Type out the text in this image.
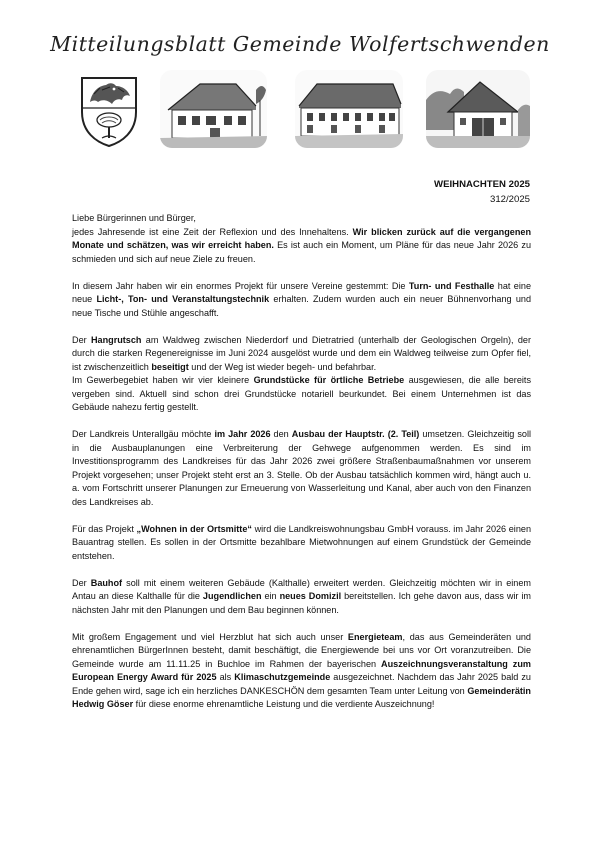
Mitteilungsblatt Gemeinde Wolfertschwenden
WEIHNACHTEN 2025
312/2025

Liebe Bürgerinnen und Bürger,

jedes Jahresende ist eine Zeit der Reflexion und des Innehaltens. Wir blicken zurück auf die vergangenen Monate und schätzen, was wir erreicht haben. Es ist auch ein Moment, um Pläne für das neue Jahr 2026 zu schmieden und sich auf neue Ziele zu freuen.

In diesem Jahr haben wir ein enormes Projekt für unsere Vereine gestemmt: Die Turn- und Festhalle hat eine neue Licht-, Ton- und Veranstaltungstechnik erhalten. Zudem wurden auch ein neuer Bühnenvorhang und neue Tische und Stühle angeschafft.

Der Hangrutsch am Waldweg zwischen Niederdorf und Dietratried (unterhalb der Geologischen Orgeln), der durch die starken Regenereignisse im Juni 2024 ausgelöst wurde und dem ein Waldweg teilweise zum Opfer fiel, ist zwischenzeitlich beseitigt und der Weg ist wieder begeh- und befahrbar.

Im Gewerbegebiet haben wir vier kleinere Grundstücke für örtliche Betriebe ausgewiesen, die alle bereits vergeben sind. Aktuell sind schon drei Grundstücke notariell beurkundet. Bei einem Unternehmen ist das Gebäude nahezu fertig gestellt.

Der Landkreis Unterallgäu möchte im Jahr 2026 den Ausbau der Hauptstr. (2. Teil) umsetzen. Gleichzeitig soll in die Ausbauplanungen eine Verbreiterung der Gehwege aufgenommen werden. Es sind im Investitionsprogramm des Landkreises für das Jahr 2026 zwei größere Straßenbaumaßnahmen vor unserem Projekt vorgesehen; unser Projekt steht erst an 3. Stelle. Ob der Ausbau tatsächlich kommen wird, hängt auch u. a. vom Fortschritt unserer Planungen zur Erneuerung von Wasserleitung und Kanal, aber auch von den Finanzen des Landkreises ab.

Für das Projekt „Wohnen in der Ortsmitte“ wird die Landkreiswohnungsbau GmbH vorauss. im Jahr 2026 einen Bauantrag stellen. Es sollen in der Ortsmitte bezahlbare Mietwohnungen auf einem Grundstück der Gemeinde entstehen.

Der Bauhof soll mit einem weiteren Gebäude (Kalthalle) erweitert werden. Gleichzeitig möchten wir in einem Antau an diese Kalthalle für die Jugendlichen ein neues Domizil bereitstellen. Ich gehe davon aus, dass wir im nächsten Jahr mit den Planungen und dem Bau beginnen können.

Mit großem Engagement und viel Herzblut hat sich auch unser Energieteam, das aus Gemeinderäten und ehrenamtlichen BürgerInnen besteht, damit beschäftigt, die Energiewende bei uns vor Ort voranzutreiben. Die Gemeinde wurde am 11.11.25 in Buchloe im Rahmen der bayerischen Auszeichnungsveranstaltung zum European Energy Award für 2025 als Klimaschutzgemeinde ausgezeichnet. Nachdem das Jahr 2025 bald zu Ende gehen wird, sage ich ein herzliches DANKESCHÖN dem gesamten Team unter Leitung von Gemeinderätin Hedwig Göser für diese enorme ehrenamtliche Leistung und die verdiente Auszeichnung!
